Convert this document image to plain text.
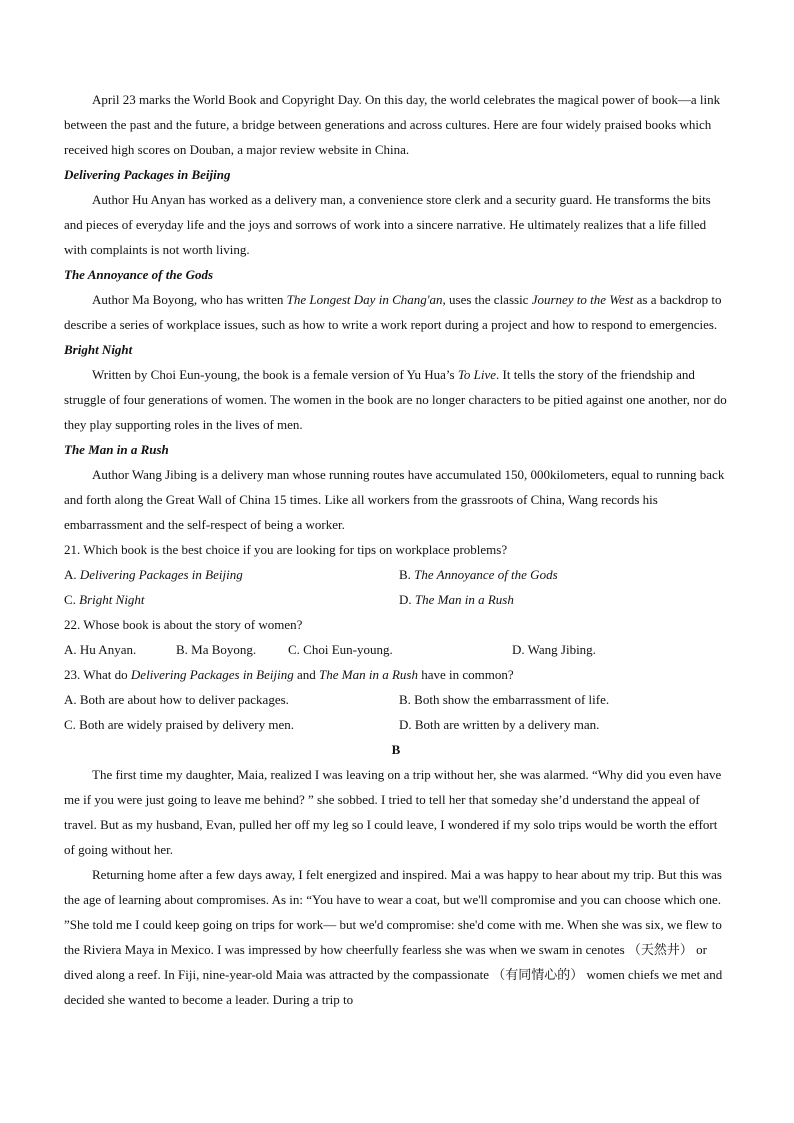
April 23 marks the World Book and Copyright Day. On this day, the world celebrates the magical power of book—a link between the past and the future, a bridge between generations and across cultures. Here are four widely praised books which received high scores on Douban, a major review website in China.

Delivering Packages in Beijing

Author Hu Anyan has worked as a delivery man, a convenience store clerk and a security guard. He transforms the bits and pieces of everyday life and the joys and sorrows of work into a sincere narrative. He ultimately realizes that a life filled with complaints is not worth living.

The Annoyance of the Gods

Author Ma Boyong, who has written The Longest Day in Chang'an, uses the classic Journey to the West as a backdrop to describe a series of workplace issues, such as how to write a work report during a project and how to respond to emergencies.

Bright Night

Written by Choi Eun-young, the book is a female version of Yu Hua’s To Live. It tells the story of the friendship and struggle of four generations of women. The women in the book are no longer characters to be pitied against one another, nor do they play supporting roles in the lives of men.

The Man in a Rush

Author Wang Jibing is a delivery man whose running routes have accumulated 150, 000kilometers, equal to running back and forth along the Great Wall of China 15 times. Like all workers from the grassroots of China, Wang records his embarrassment and the self-respect of being a worker.

21. Which book is the best choice if you are looking for tips on workplace problems?

A. Delivering Packages in Beijing	B. The Annoyance of the Gods
C. Bright Night	D. The Man in a Rush

22. Whose book is about the story of women?

A. Hu Anyan.	B. Ma Boyong.	C. Choi Eun-young.	D. Wang Jibing.

23. What do Delivering Packages in Beijing and The Man in a Rush have in common?

A. Both are about how to deliver packages.	B. Both show the embarrassment of life.
C. Both are widely praised by delivery men.	D. Both are written by a delivery man.

B

The first time my daughter, Maia, realized I was leaving on a trip without her, she was alarmed. “Why did you even have me if you were just going to leave me behind? ” she sobbed. I tried to tell her that someday she’d understand the appeal of travel. But as my husband, Evan, pulled her off my leg so I could leave, I wondered if my solo trips would be worth the effort of going without her.

Returning home after a few days away, I felt energized and inspired. Mai a was happy to hear about my trip. But this was the age of learning about compromises. As in: “You have to wear a coat, but we'll compromise and you can choose which one. ”She told me I could keep going on trips for work— but we'd compromise: she'd come with me. When she was six, we flew to the Riviera Maya in Mexico. I was impressed by how cheerfully fearless she was when we swam in cenotes （天然井） or dived along a reef. In Fiji, nine-year-old Maia was attracted by the compassionate （有同情心的） women chiefs we met and decided she wanted to become a leader. During a trip to
